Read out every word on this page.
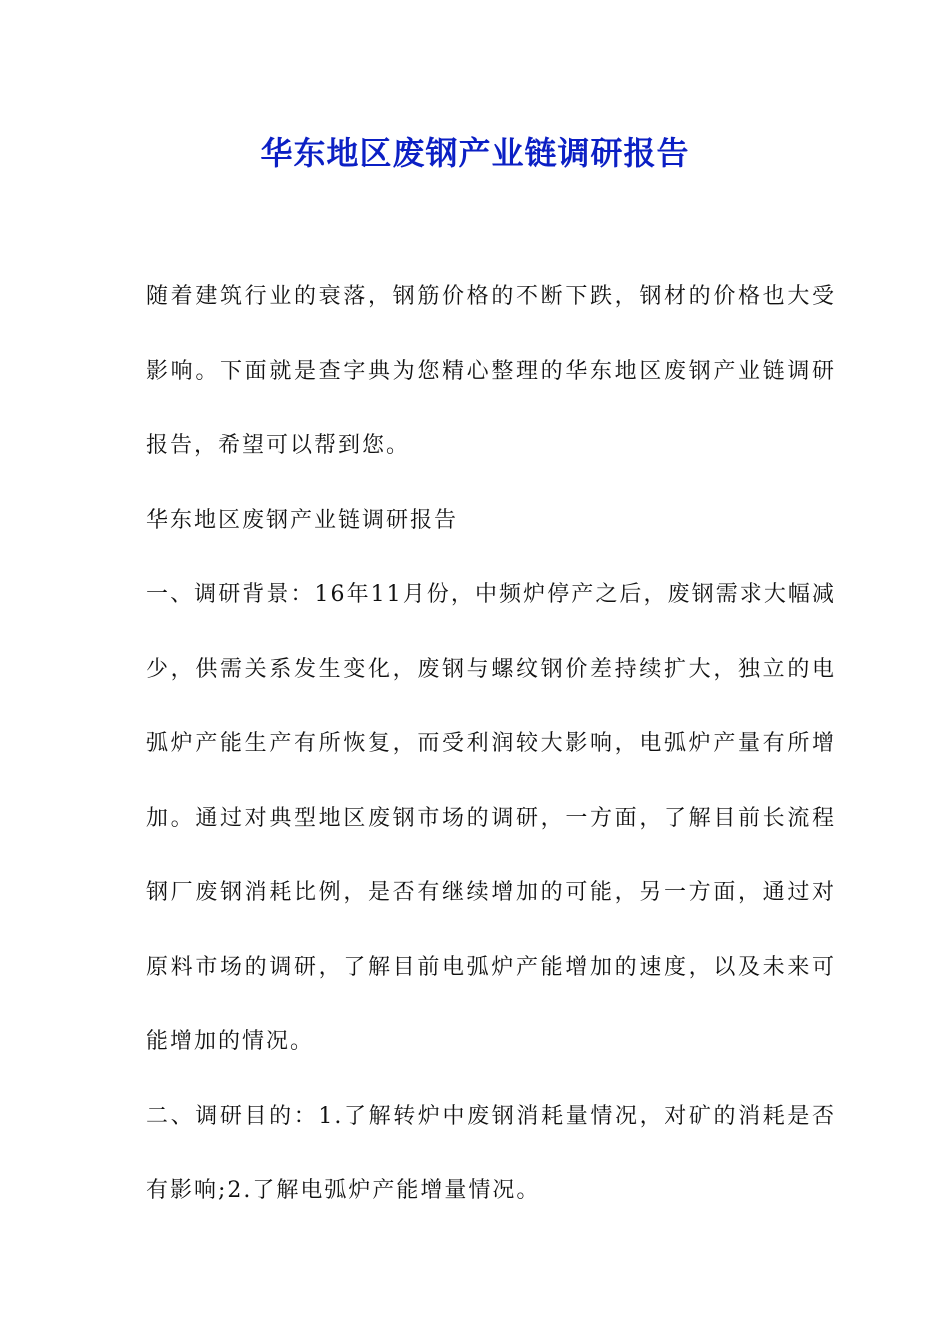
华东地区废钢产业链调研报告

随着建筑行业的衰落，钢筋价格的不断下跌，钢材的价格也大受影响。下面就是查字典为您精心整理的华东地区废钢产业链调研报告，希望可以帮到您。

华东地区废钢产业链调研报告

一、调研背景：16年11月份，中频炉停产之后，废钢需求大幅减少，供需关系发生变化，废钢与螺纹钢价差持续扩大，独立的电弧炉产能生产有所恢复，而受利润较大影响，电弧炉产量有所增加。通过对典型地区废钢市场的调研，一方面，了解目前长流程钢厂废钢消耗比例，是否有继续增加的可能，另一方面，通过对原料市场的调研，了解目前电弧炉产能增加的速度，以及未来可能增加的情况。

二、调研目的：1.了解转炉中废钢消耗量情况，对矿的消耗是否有影响;2.了解电弧炉产能增量情况。
